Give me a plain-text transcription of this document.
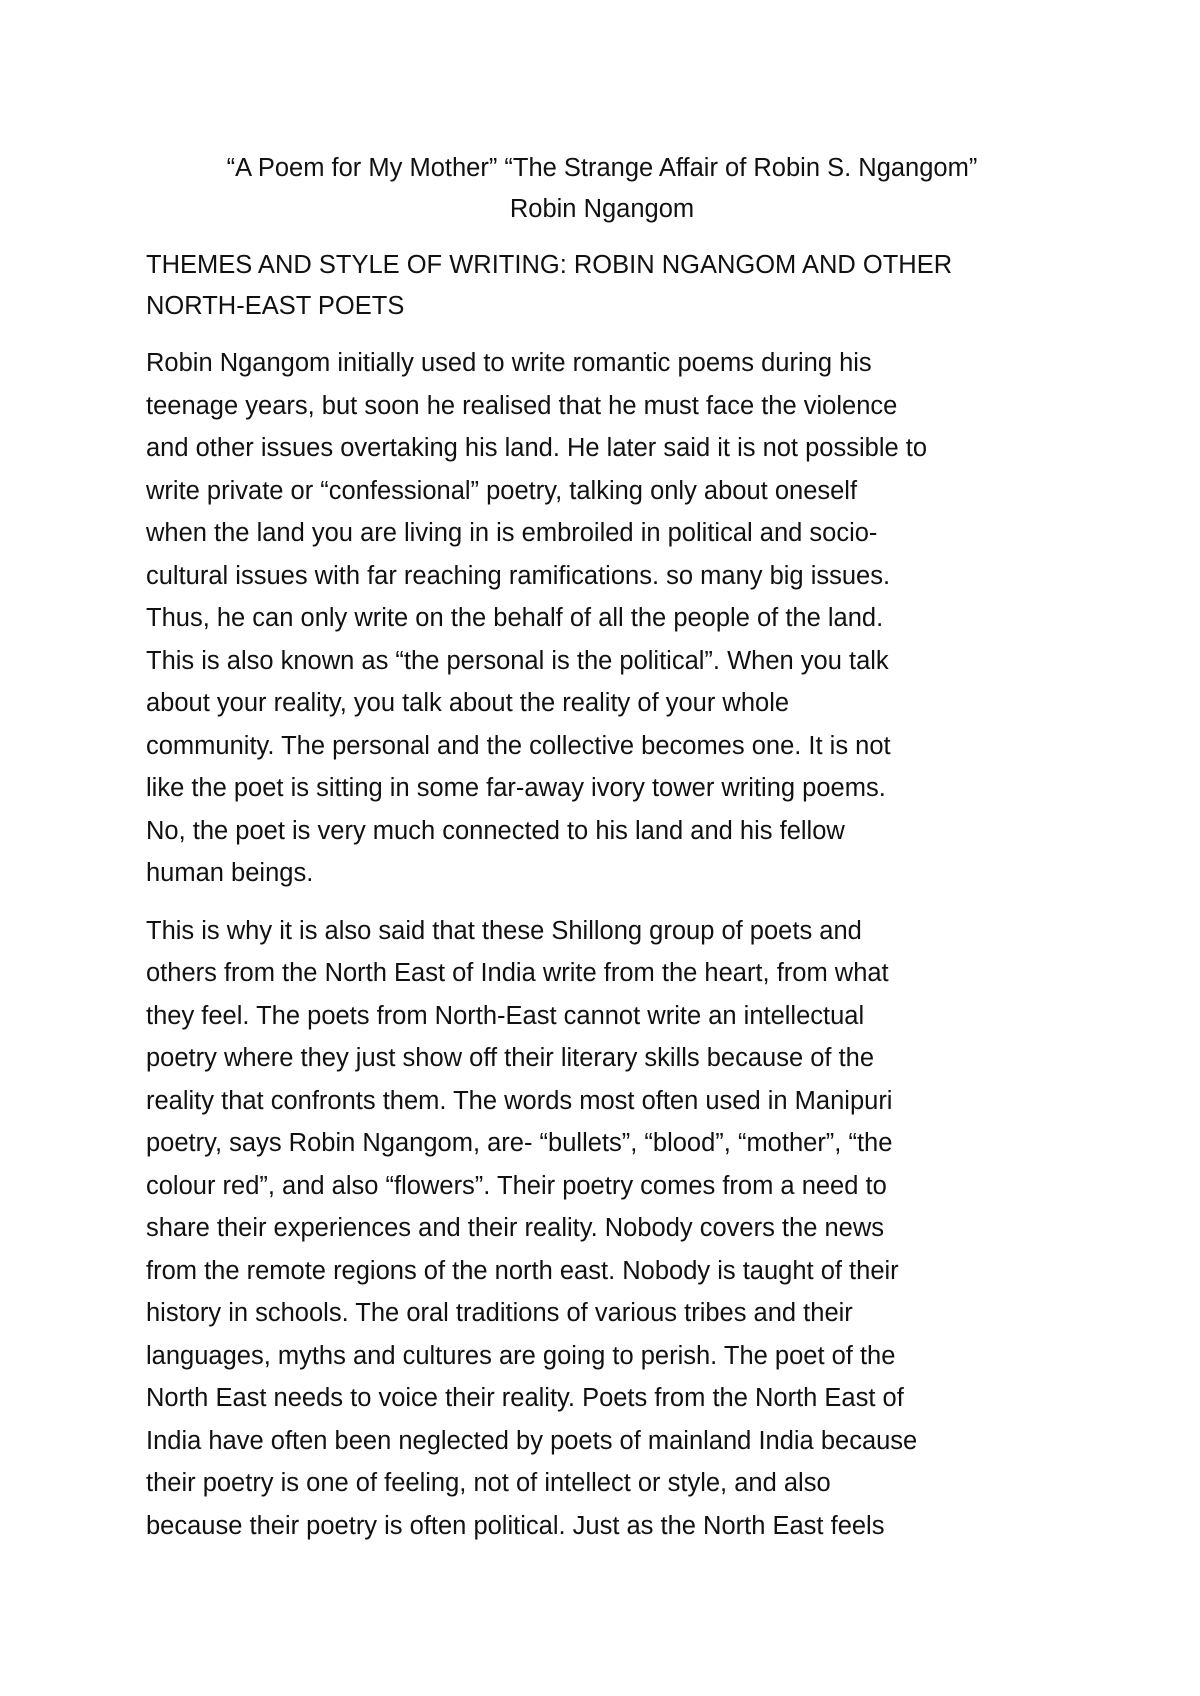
“A Poem for My Mother” “The Strange Affair of Robin S. Ngangom”
Robin Ngangom
THEMES AND STYLE OF WRITING: ROBIN NGANGOM AND OTHER
NORTH-EAST POETS
Robin Ngangom initially used to write romantic poems during his
teenage years, but soon he realised that he must face the violence
and other issues overtaking his land. He later said it is not possible to
write private or “confessional” poetry, talking only about oneself
when the land you are living in is embroiled in political and socio-
cultural issues with far reaching ramifications. so many big issues.
Thus, he can only write on the behalf of all the people of the land.
This is also known as “the personal is the political”. When you talk
about your reality, you talk about the reality of your whole
community. The personal and the collective becomes one. It is not
like the poet is sitting in some far-away ivory tower writing poems.
No, the poet is very much connected to his land and his fellow
human beings.
This is why it is also said that these Shillong group of poets and
others from the North East of India write from the heart, from what
they feel. The poets from North-East cannot write an intellectual
poetry where they just show off their literary skills because of the
reality that confronts them. The words most often used in Manipuri
poetry, says Robin Ngangom, are- “bullets”, “blood”, “mother”, “the
colour red”, and also “flowers”. Their poetry comes from a need to
share their experiences and their reality. Nobody covers the news
from the remote regions of the north east. Nobody is taught of their
history in schools. The oral traditions of various tribes and their
languages, myths and cultures are going to perish. The poet of the
North East needs to voice their reality. Poets from the North East of
India have often been neglected by poets of mainland India because
their poetry is one of feeling, not of intellect or style, and also
because their poetry is often political. Just as the North East feels
